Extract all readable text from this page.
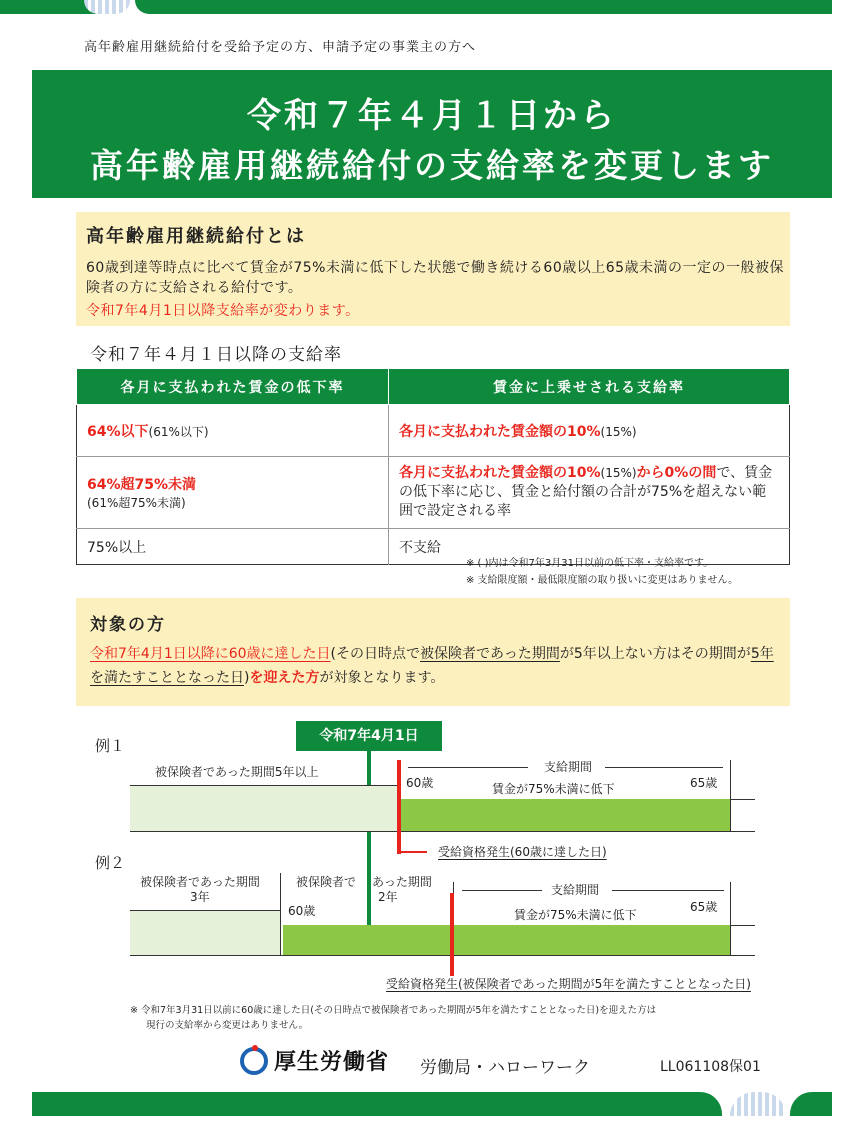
高年齢雇用継続給付を受給予定の方、申請予定の事業主の方へ
令和７年４月１日から
高年齢雇用継続給付の支給率を変更します
高年齢雇用継続給付とは
60歳到達等時点に比べて賃金が75%未満に低下した状態で働き続ける60歳以上65歳未満の一定の一般被保険者の方に支給される給付です。
令和7年4月1日以降支給率が変わります。
令和７年４月１日以降の支給率
各月に支払われた賃金の低下率	賃金に上乗せされる支給率
64%以下(61%以下)	各月に支払われた賃金額の10%(15%)

64%超75%未満
(61%超75%未満)	各月に支払われた賃金額の10%(15%)から0%の間で、賃金の低下率に応じ、賃金と給付額の合計が75%を超えない範囲で設定される率
75%以上	不支給
※ ( )内は令和7年3月31日以前の低下率・支給率です。
※ 支給限度額・最低限度額の取り扱いに変更はありません。
対象の方
令和7年4月1日以降に60歳に達した日(その日時点で被保険者であった期間が5年以上ない方はその期間が5年を満たすこととなった日)を迎えた方が対象となります。
令和7年4月1日
例１
被保険者であった期間5年以上	支給期間
60歳	賃金が75%未満に低下	65歳
受給資格発生(60歳に達した日)
例２
被保険者であった期間
3年
被保険者で あった期間
2年
60歳
支給期間
賃金が75%未満に低下
65歳
受給資格発生(被保険者であった期間が5年を満たすこととなった日)
※ 令和7年3月31日以前に60歳に達した日(その日時点で被保険者であった期間が5年を満たすこととなった日)を迎えた方は
現行の支給率から変更はありません。
厚生労働省 労働局・ハローワーク	LL061108保01
